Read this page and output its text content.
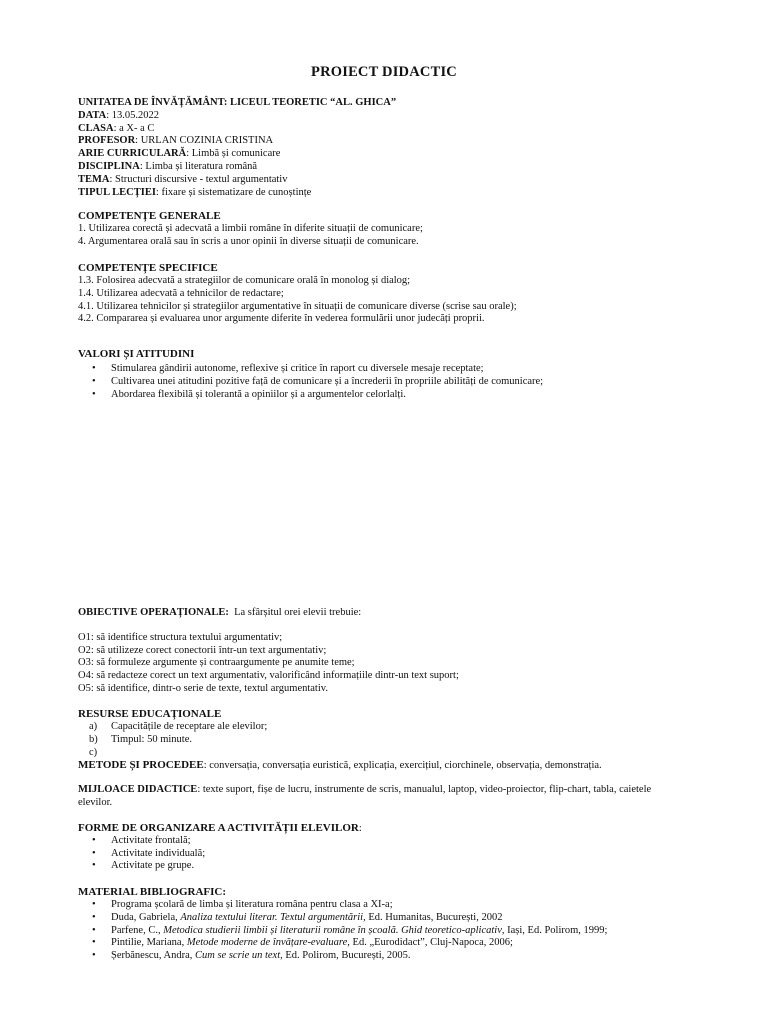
PROIECT DIDACTIC
UNITATEA DE ÎNVĂȚĂMÂNT: LICEUL TEORETIC “AL. GHICA”
DATA: 13.05.2022
CLASA: a X- a C
PROFESOR: URLAN COZINIA CRISTINA
ARIE CURRICULARĂ: Limbă și comunicare
DISCIPLINA: Limba și literatura română
TEMA: Structuri discursive - textul argumentativ
TIPUL LECȚIEI: fixare și sistematizare de cunoștințe
COMPETENȚE GENERALE
1. Utilizarea corectă și adecvată a limbii române în diferite situații de comunicare;
4. Argumentarea orală sau în scris a unor opinii în diverse situații de comunicare.
COMPETENȚE SPECIFICE
1.3. Folosirea adecvată a strategiilor de comunicare orală în monolog și dialog;
1.4. Utilizarea adecvată a tehnicilor de redactare;
4.1. Utilizarea tehnicilor și strategiilor argumentative în situații de comunicare diverse (scrise sau orale);
4.2. Compararea și evaluarea unor argumente diferite în vederea formulării unor judecăți proprii.
VALORI ȘI ATITUDINI
• Stimularea gândirii autonome, reflexive și critice în raport cu diversele mesaje receptate;
• Cultivarea unei atitudini pozitive față de comunicare și a încrederii în propriile abilități de comunicare;
• Abordarea flexibilă și tolerantă a opiniilor și a argumentelor celorlalți.
OBIECTIVE OPERAȚIONALE:  La sfârșitul orei elevii trebuie:
O1: să identifice structura textului argumentativ;
O2: să utilizeze corect conectorii într-un text argumentativ;
O3: să formuleze argumente și contraargumente pe anumite teme;
O4: să redacteze corect un text argumentativ, valorificând informațiile dintr-un text suport;
O5: să identifice, dintr-o serie de texte, textul argumentativ.
RESURSE EDUCAȚIONALE
a) Capacitățile de receptare ale elevilor;
b) Timpul: 50 minute.
c)
METODE ȘI PROCEDEE: conversația, conversația euristică, explicația, exercițiul, ciorchinele, observația, demonstrația.
MIJLOACE DIDACTICE: texte suport, fișe de lucru, instrumente de scris, manualul, laptop, video-proiector, flip-chart, tabla, caietele
elevilor.
FORME DE ORGANIZARE A ACTIVITĂȚII ELEVILOR:
• Activitate frontală;
• Activitate individuală;
• Activitate pe grupe.
MATERIAL BIBLIOGRAFIC:
• Programa școlară de limba și literatura româna pentru clasa a XI-a;
• Duda, Gabriela, Analiza textului literar. Textul argumentării, Ed. Humanitas, București, 2002
• Parfene, C., Metodica studierii limbii și literaturii române în școală. Ghid teoretico-aplicativ, Iași, Ed. Polirom, 1999;
• Pintilie, Mariana, Metode moderne de învățare-evaluare, Ed. „Eurodidact”, Cluj-Napoca, 2006;
• Șerbănescu, Andra, Cum se scrie un text, Ed. Polirom, București, 2005.
